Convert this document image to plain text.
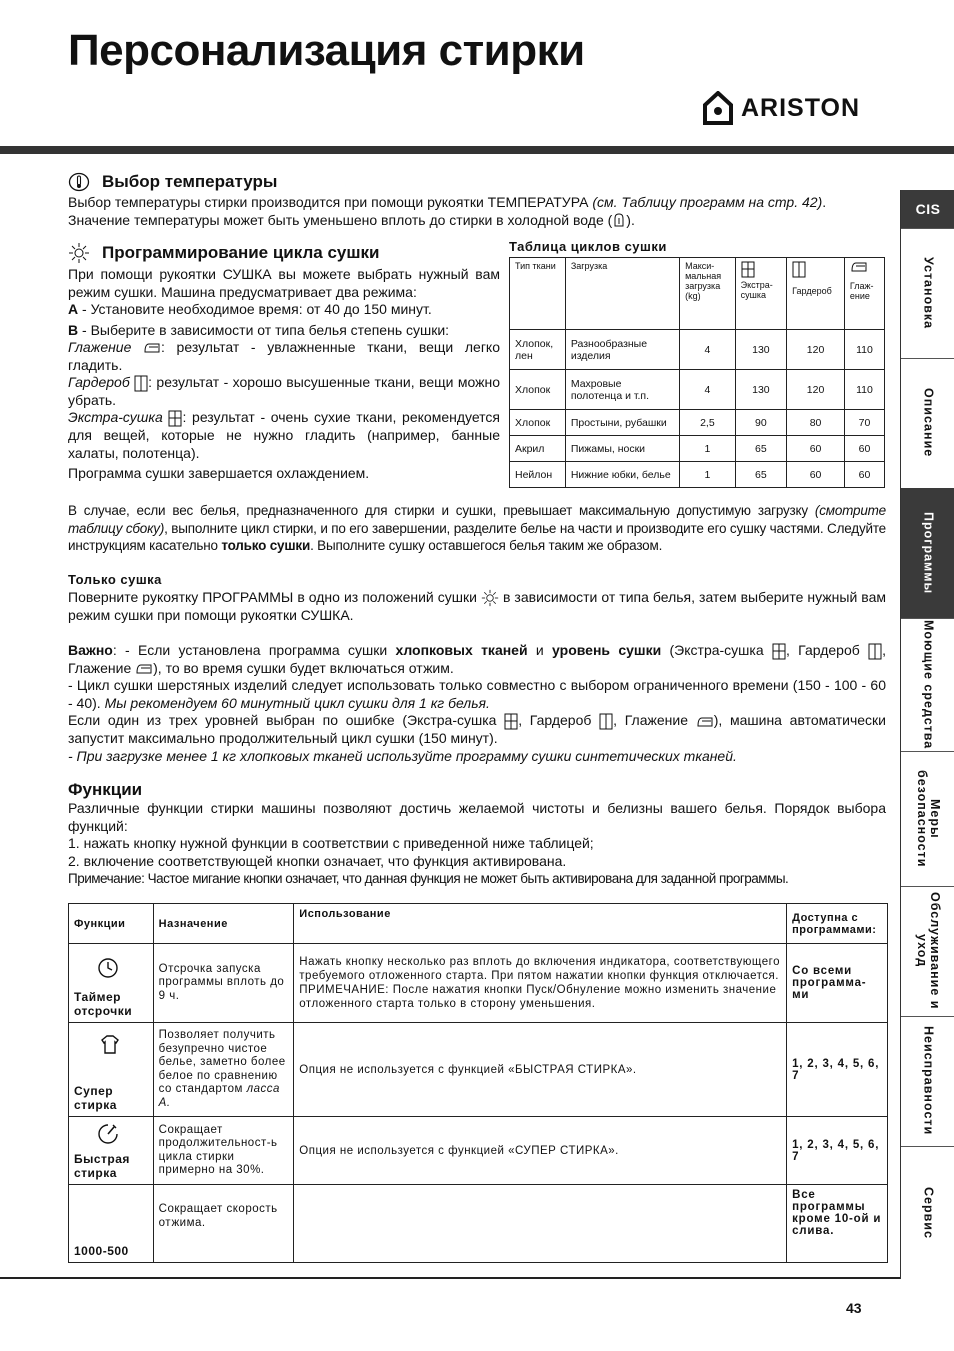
Персонализация стирки
ARISTON
CIS
Установка
Описание
Программы
Моющие средства
Меры безопасности
Обслуживание и уход
Неисправности
Сервис
Выбор температуры

Выбор температуры стирки производится при помощи рукоятки ТЕМПЕРАТУРА (см. Таблицу программ на стр. 42). Значение температуры может быть уменьшено вплоть до стирки в холодной воде ( ).

Программирование цикла сушки

При помощи рукоятки СУШКА вы можете выбрать нужный вам режим сушки. Машина предусматривает два режима:

A - Установите необходимое время: от 40 до 150 минут.

B - Выберите в зависимости от типа белья степень сушки:

Глажение : результат - увлажненные ткани, вещи легко гладить.

Гардероб : результат - хорошо высушенные ткани, вещи можно убрать.

Экстра-сушка : результат - очень сухие ткани, рекомендуется для вещей, которые не нужно гладить (например, банные халаты, полотенца).

Программа сушки завершается охлаждением.

Таблица циклов сушки
Тип ткани	Загрузка	Макси-мальная загрузка (kg)	Экстра-сушка	Гардероб	Глаж-ение

Хлопок, лен	Разнообразные изделия	4	130	120	110
Хлопок	Махровые полотенца и т.п.	4	130	120	110
Хлопок	Простыни, рубашки	2,5	90	80	70
Акрил	Пижамы, носки	1	65	60	60
Нейлон	Нижние юбки, белье	1	65	60	60

В случае, если вес белья, предназначенного для стирки и сушки, превышает максимальную допустимую загрузку (смотрите таблицу сбоку), выполните цикл стирки, и по его завершении, разделите белье на части и производите его сушку частями. Следуйте инструкциям касательно только сушки. Выполните сушку оставшегося белья таким же образом.

Только сушка

Поверните рукоятку ПРОГРАММЫ в одно из положений сушки  в зависимости от типа белья, затем выберите нужный вам режим сушки при помощи рукоятки СУШКА.

Важно: - Если установлена программа сушки хлопковых тканей и уровень сушки (Экстра-сушка , Гардероб , Глажение ), то во время сушки будет включаться отжим.

- Цикл сушки шерстяных изделий следует использовать только совместно с выбором ограниченного времени (150 - 100 - 60 - 40). Мы рекомендуем 60 минутный цикл сушки для 1 кг белья.

Если один из трех уровней выбран по ошибке (Экстра-сушка , Гардероб , Глажение ), машина автоматически запустит максимально продолжительный цикл сушки (150 минут).

- При загрузке менее 1 кг хлопковых тканей используйте программу сушки синтетических тканей.

Функции

Различные функции стирки машины позволяют достичь желаемой чистоты и белизны вашего белья. Порядок выбора функций:

1. нажать кнопку нужной функции в соответствии с приведенной ниже таблицей;

2. включение соответствующей кнопки означает, что функция активирована.

Примечание: Частое мигание кнопки означает, что данная функция не может быть активирована для заданной программы.

Функции	Назначение	Использование	Доступна с программами:

Таймер отсрочки	Отсрочка запуска программы вплоть до 9 ч.	Нажать кнопку несколько раз вплоть до включения индикатора, соответствующего требуемого отложенного старта. При пятом нажатии кнопки функция отключается. ПРИМЕЧАНИЕ: После нажатия кнопки Пуск/Обнуление можно изменить значение отложенного старта только в сторону уменьшения.	Со всеми программа-ми

Супер стирка	Позволяет получить безупречно чистое белье, заметно более белое по сравнению со стандартом ласса А.	Опция не используется с функцией «БЫСТРАЯ СТИРКА».	1, 2, 3, 4, 5, 6, 7

Быстрая стирка	Сокращает продолжительност-ь цикла стирки примерно на 30%.	Опция не используется с функцией «СУПЕР СТИРКА».	1, 2, 3, 4, 5, 6, 7
1000-500	Сокращает скорость отжима.		Все программы кроме 10-ой и слива.
43
